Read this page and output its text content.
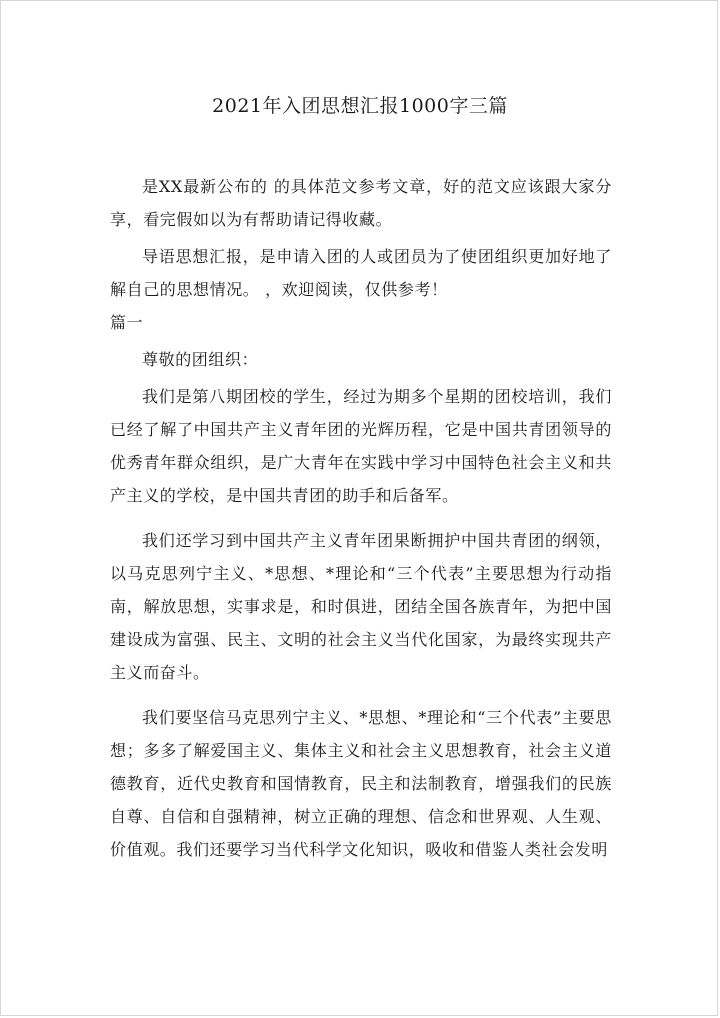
2021年入团思想汇报1000字三篇

是XX最新公布的 的具体范文参考文章，好的范文应该跟大家分享，看完假如以为有帮助请记得收藏。

导语思想汇报，是申请入团的人或团员为了使团组织更加好地了解自己的思想情况。 ，欢迎阅读，仅供参考！

篇一

尊敬的团组织：

我们是第八期团校的学生，经过为期多个星期的团校培训，我们已经了解了中国共产主义青年团的光辉历程，它是中国共青团领导的优秀青年群众组织，是广大青年在实践中学习中国特色社会主义和共产主义的学校，是中国共青团的助手和后备军。

我们还学习到中国共产主义青年团果断拥护中国共青团的纲领，以马克思列宁主义、*思想、*理论和“三个代表”主要思想为行动指南，解放思想，实事求是，和时俱进，团结全国各族青年，为把中国建设成为富强、民主、文明的社会主义当代化国家，为最终实现共产主义而奋斗。

我们要坚信马克思列宁主义、*思想、*理论和“三个代表”主要思想；多多了解爱国主义、集体主义和社会主义思想教育，社会主义道德教育，近代史教育和国情教育，民主和法制教育，增强我们的民族自尊、自信和自强精神，树立正确的理想、信念和世界观、人生观、价值观。我们还要学习当代科学文化知识，吸收和借鉴人类社会发明
